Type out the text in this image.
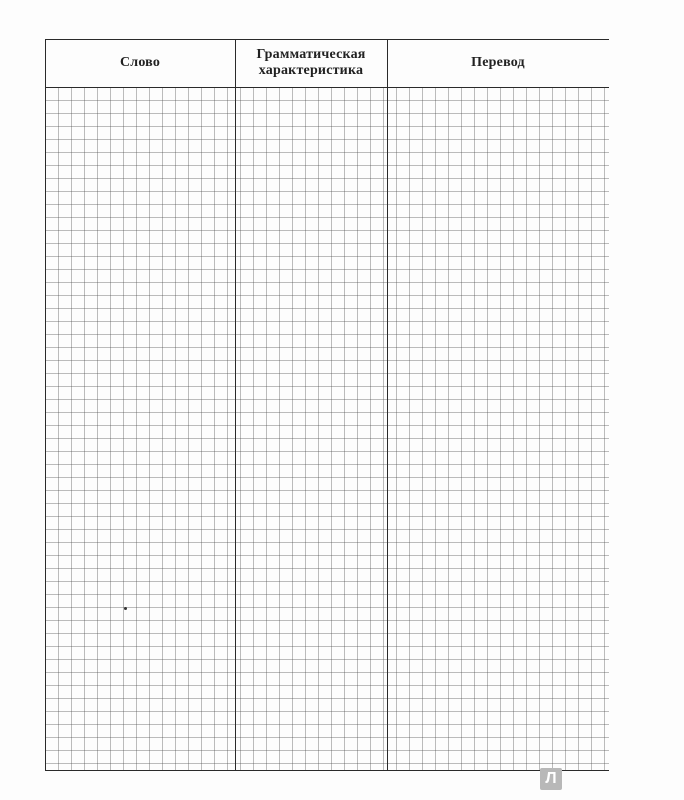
Слово
Грамматическая характеристика
Перевод
Л
